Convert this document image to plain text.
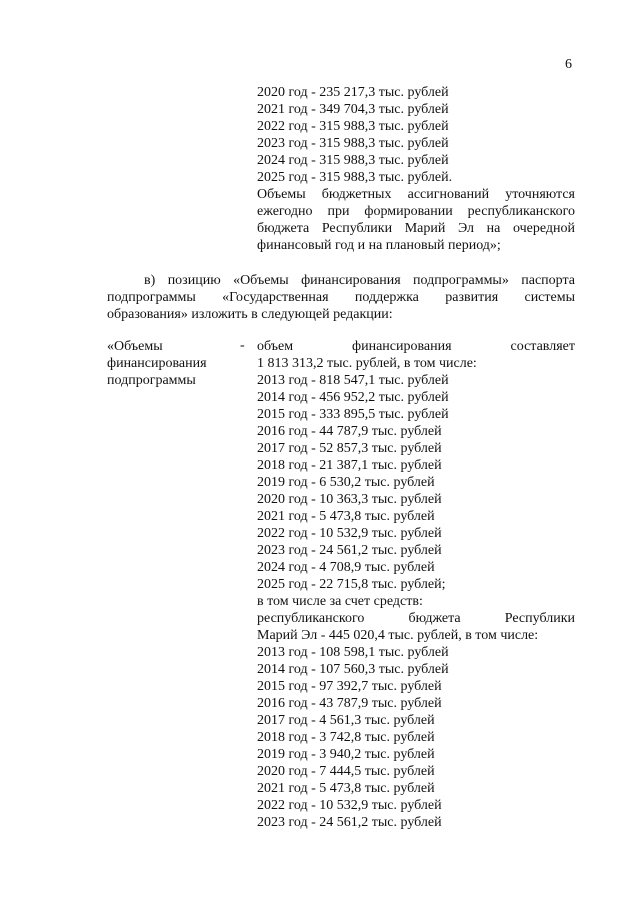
6
2020 год - 235 217,3 тыс. рублей
2021 год - 349 704,3 тыс. рублей
2022 год - 315 988,3 тыс. рублей
2023 год - 315 988,3 тыс. рублей
2024 год - 315 988,3 тыс. рублей
2025 год - 315 988,3 тыс. рублей.
Объемы бюджетных ассигнований уточняются
ежегодно при формировании республиканского
бюджета Республики Марий Эл на очередной
финансовый год и на плановый период»;
в) позицию «Объемы финансирования подпрограммы» паспорта
подпрограммы «Государственная поддержка развития системы
образования» изложить в следующей редакции:
«Объемы
финансирования
подпрограммы
- объем финансирования составляет
1 813 313,2 тыс. рублей, в том числе:
2013 год - 818 547,1 тыс. рублей
2014 год - 456 952,2 тыс. рублей
2015 год - 333 895,5 тыс. рублей
2016 год - 44 787,9 тыс. рублей
2017 год - 52 857,3 тыс. рублей
2018 год - 21 387,1 тыс. рублей
2019 год - 6 530,2 тыс. рублей
2020 год - 10 363,3 тыс. рублей
2021 год - 5 473,8 тыс. рублей
2022 год - 10 532,9 тыс. рублей
2023 год - 24 561,2 тыс. рублей
2024 год - 4 708,9 тыс. рублей
2025 год - 22 715,8 тыс. рублей;
в том числе за счет средств:
республиканского бюджета Республики
Марий Эл - 445 020,4 тыс. рублей, в том числе:
2013 год - 108 598,1 тыс. рублей
2014 год - 107 560,3 тыс. рублей
2015 год - 97 392,7 тыс. рублей
2016 год - 43 787,9 тыс. рублей
2017 год - 4 561,3 тыс. рублей
2018 год - 3 742,8 тыс. рублей
2019 год - 3 940,2 тыс. рублей
2020 год - 7 444,5 тыс. рублей
2021 год - 5 473,8 тыс. рублей
2022 год - 10 532,9 тыс. рублей
2023 год - 24 561,2 тыс. рублей
